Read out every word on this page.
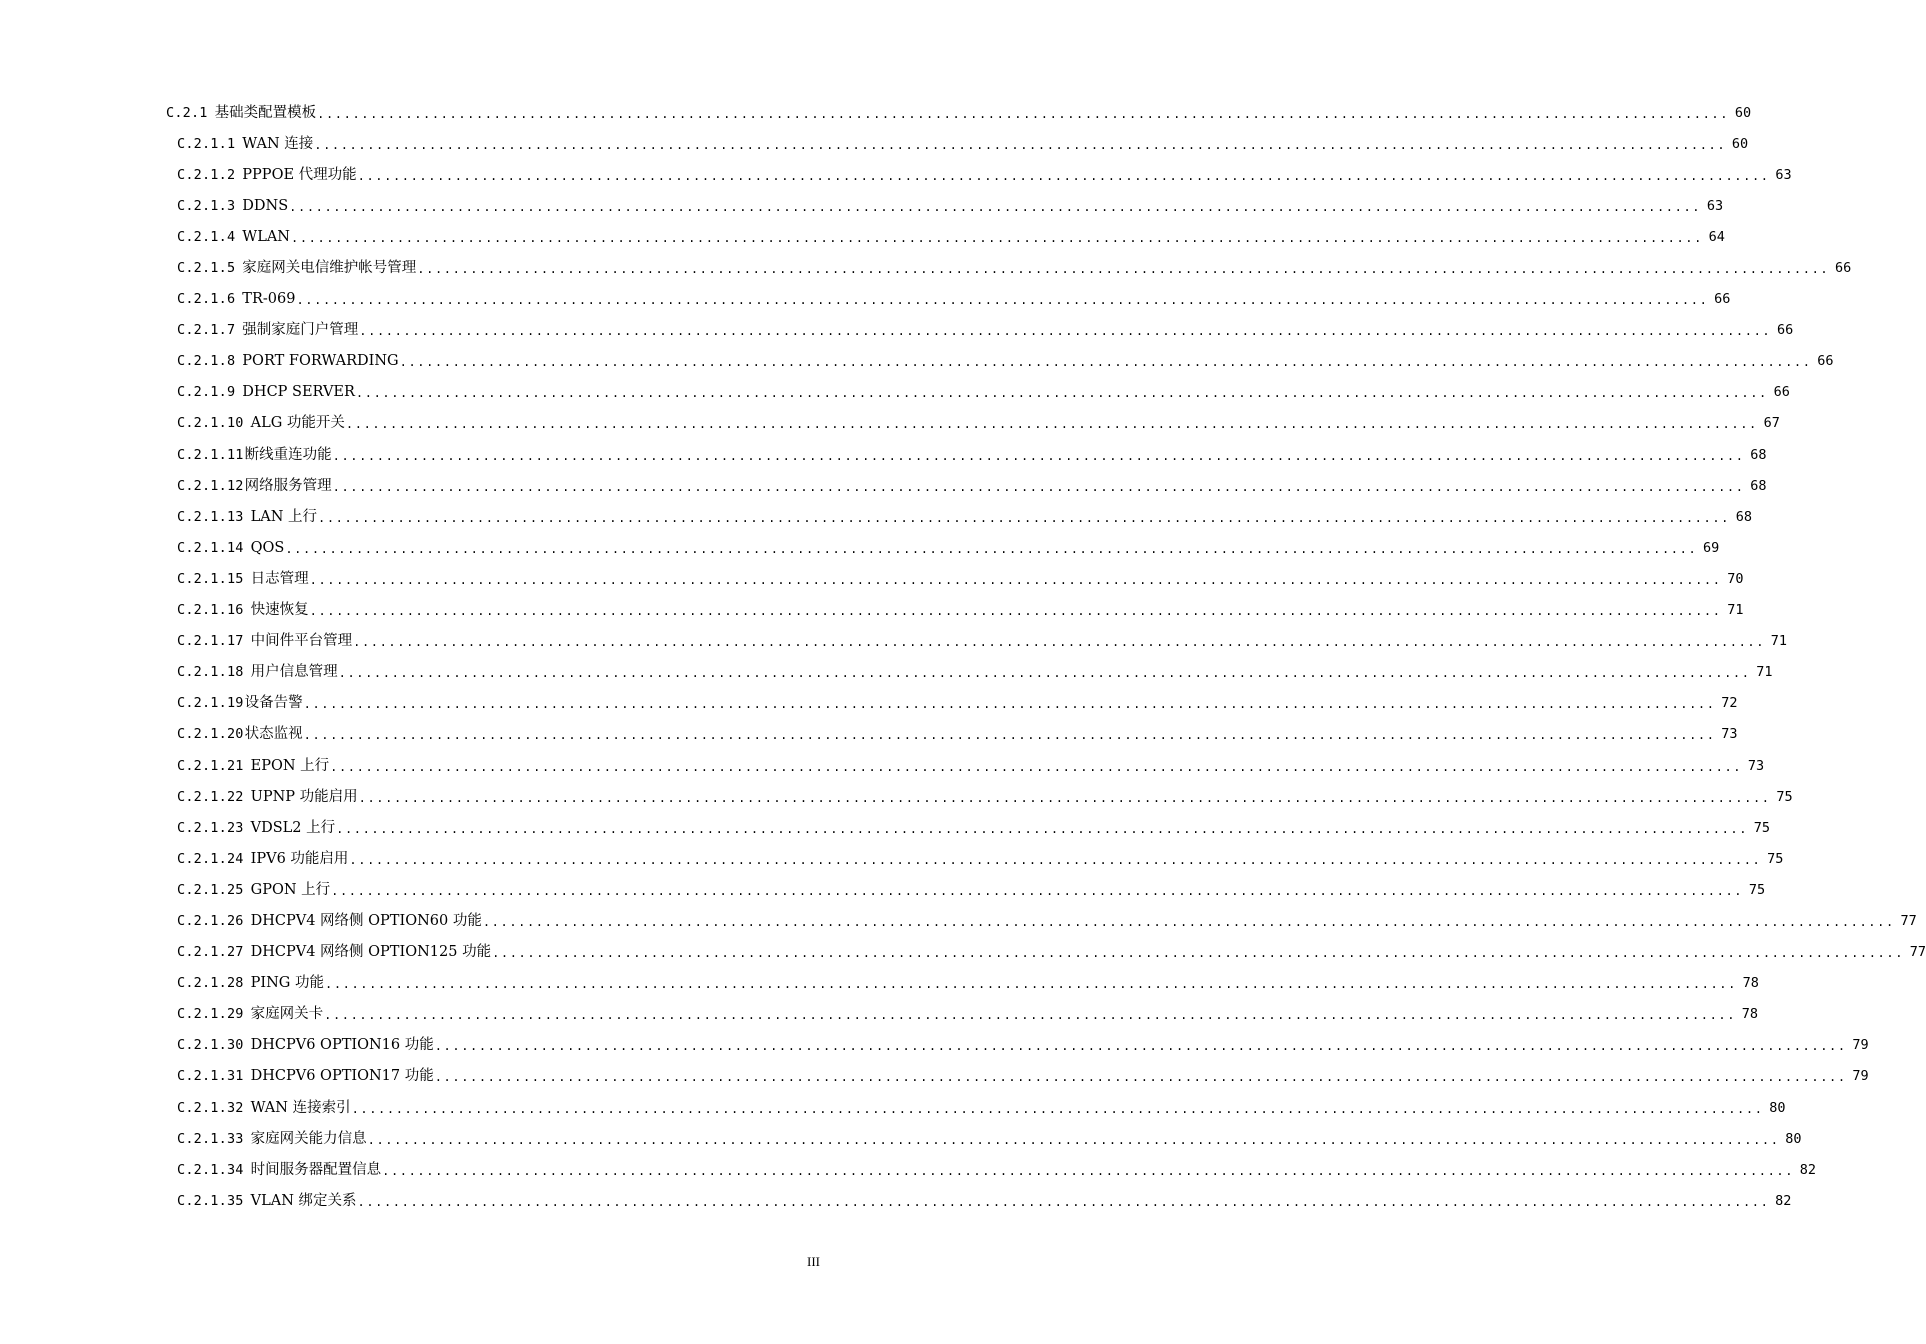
C.2.1 基础类配置模板 ................................................................................................................................................................ 60
C.2.1.1 WAN 连接 ................................................................................................................................................................ 60
C.2.1.2 PPPOE 代理功能 ................................................................................................................................................................ 63
C.2.1.3 DDNS ................................................................................................................................................................ 63
C.2.1.4 WLAN ................................................................................................................................................................ 64
C.2.1.5 家庭网关电信维护帐号管理 ................................................................................................................................................................ 66
C.2.1.6 TR-069 ................................................................................................................................................................ 66
C.2.1.7 强制家庭门户管理 ................................................................................................................................................................ 66
C.2.1.8 PORT FORWARDING ................................................................................................................................................................ 66
C.2.1.9 DHCP SERVER ................................................................................................................................................................ 66
C.2.1.10 ALG 功能开关 ................................................................................................................................................................ 67
C.2.1.11 断线重连功能 ................................................................................................................................................................ 68
C.2.1.12 网络服务管理 ................................................................................................................................................................ 68
C.2.1.13 LAN 上行 ................................................................................................................................................................ 68
C.2.1.14 QOS ................................................................................................................................................................ 69
C.2.1.15 日志管理 ................................................................................................................................................................ 70
C.2.1.16 快速恢复 ................................................................................................................................................................ 71
C.2.1.17 中间件平台管理 ................................................................................................................................................................ 71
C.2.1.18 用户信息管理 ................................................................................................................................................................ 71
C.2.1.19 设备告警 ................................................................................................................................................................ 72
C.2.1.20 状态监视 ................................................................................................................................................................ 73
C.2.1.21 EPON 上行 ................................................................................................................................................................ 73
C.2.1.22 UPNP 功能启用 ................................................................................................................................................................ 75
C.2.1.23 VDSL2 上行 ................................................................................................................................................................ 75
C.2.1.24 IPV6 功能启用 ................................................................................................................................................................ 75
C.2.1.25 GPON 上行 ................................................................................................................................................................ 75
C.2.1.26 DHCPV4 网络侧 OPTION60 功能 ................................................................................................................................................................ 77
C.2.1.27 DHCPV4 网络侧 OPTION125 功能 ................................................................................................................................................................ 77
C.2.1.28 PING 功能 ................................................................................................................................................................ 78
C.2.1.29 家庭网关卡 ................................................................................................................................................................ 78
C.2.1.30 DHCPV6 OPTION16 功能 ................................................................................................................................................................ 79
C.2.1.31 DHCPV6 OPTION17 功能 ................................................................................................................................................................ 79
C.2.1.32 WAN 连接索引 ................................................................................................................................................................ 80
C.2.1.33 家庭网关能力信息 ................................................................................................................................................................ 80
C.2.1.34 时间服务器配置信息 ................................................................................................................................................................ 82
C.2.1.35 VLAN 绑定关系 ................................................................................................................................................................ 82
III
